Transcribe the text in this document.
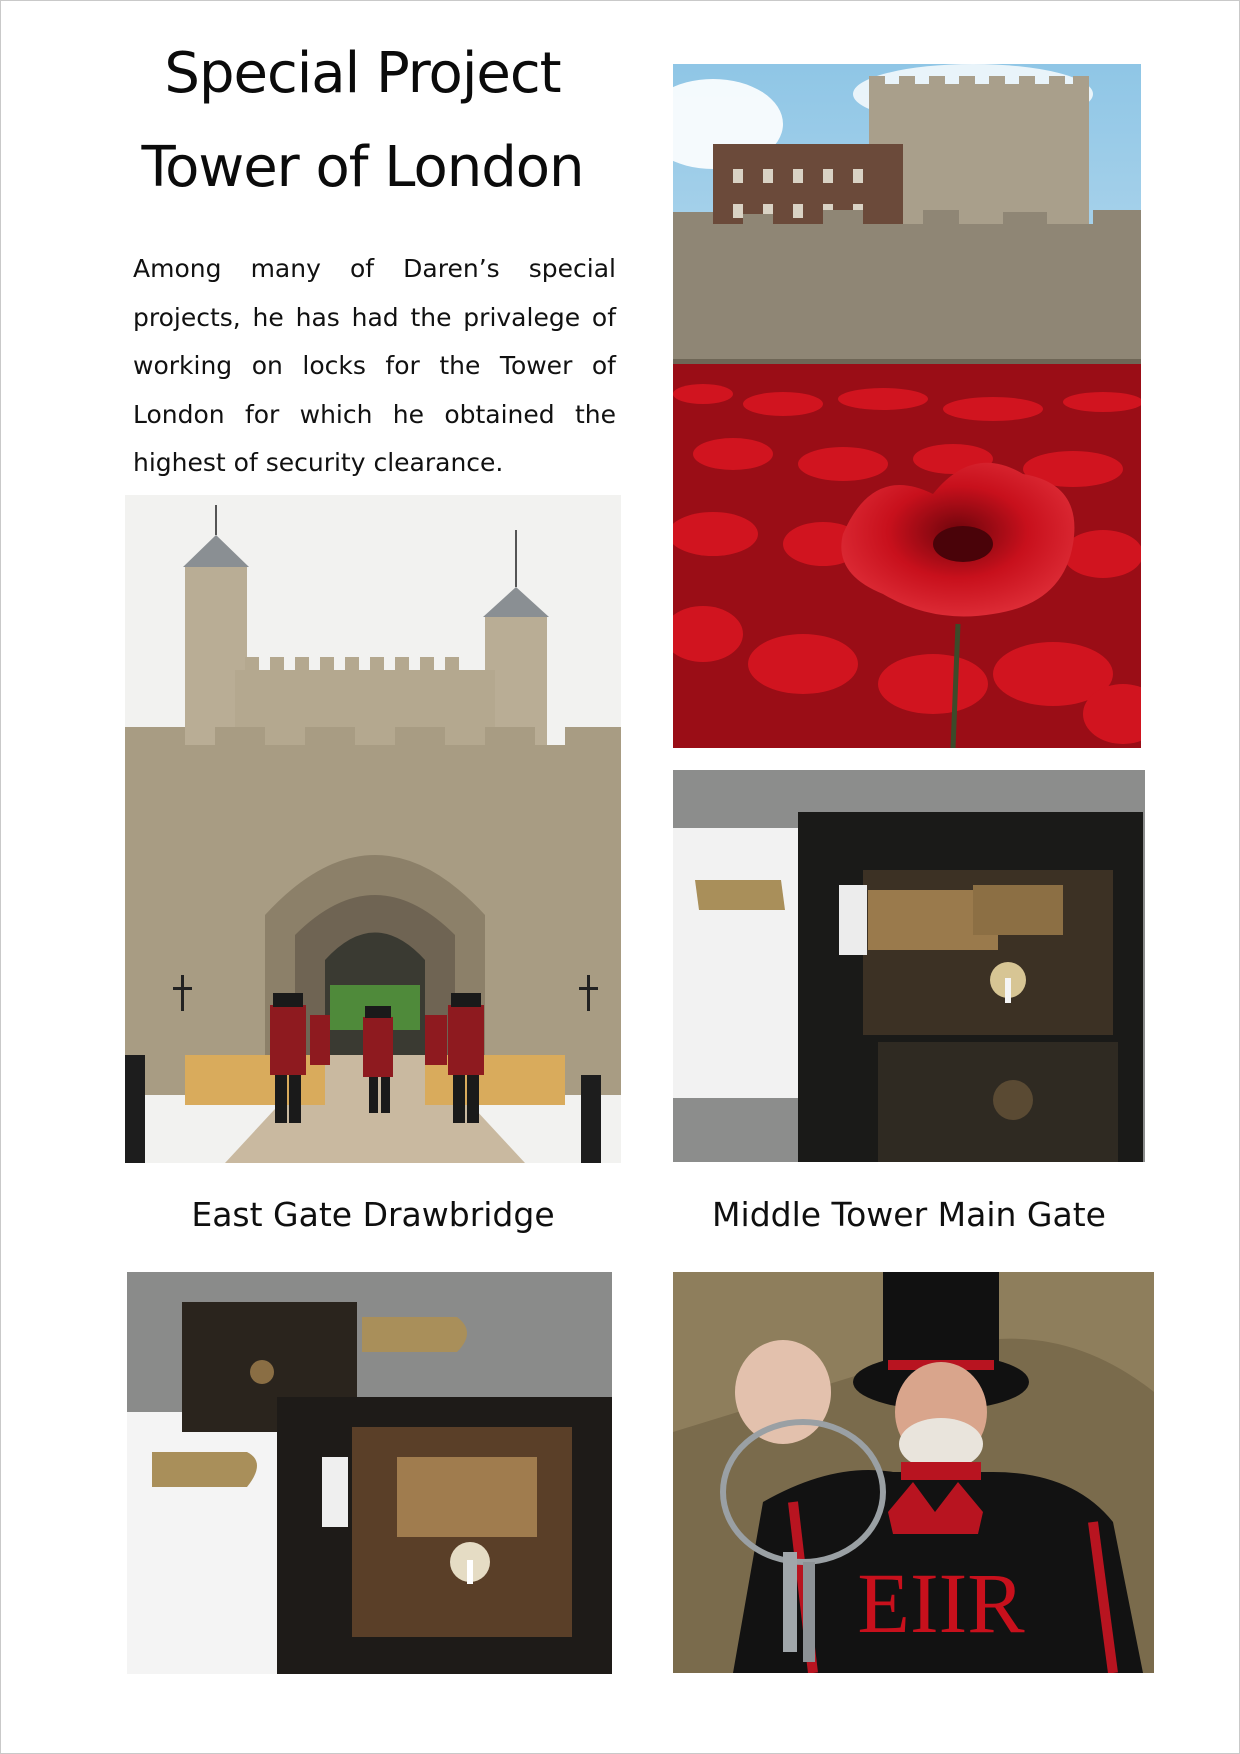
Special Project
Tower of London

Among many of Daren’s special projects, he has had the privalege of working on locks for the Tower of London for which he obtained the highest of security clearance.

East Gate Drawbridge	Middle Tower Main Gate
EIIR
